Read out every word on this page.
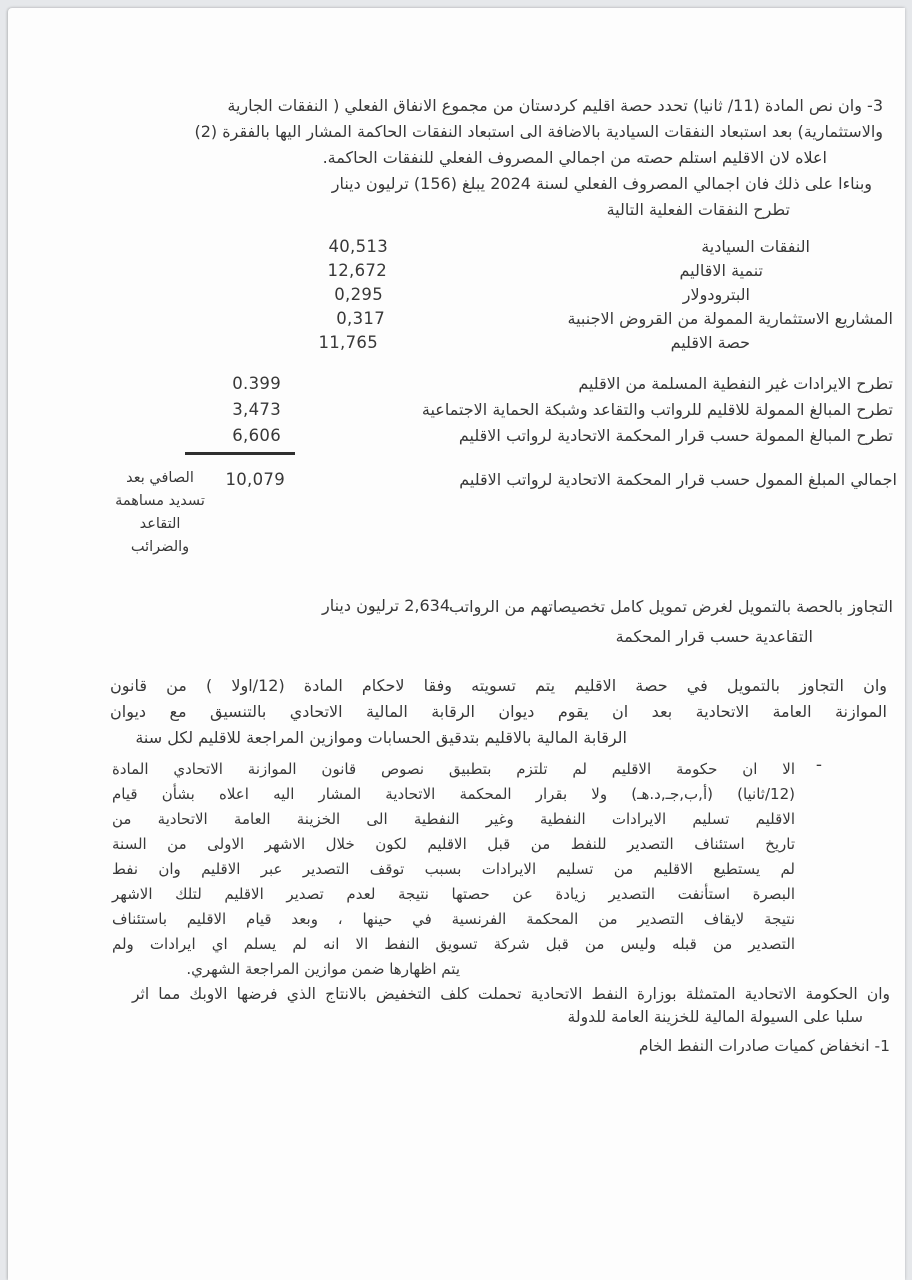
3- وان نص المادة (11/ ثانيا) تحدد حصة اقليم كردستان من مجموع الانفاق الفعلي ( النفقات الجارية
والاستثمارية) بعد استبعاد النفقات السيادية بالاضافة الى استبعاد النفقات الحاكمة المشار اليها بالفقرة (2)
اعلاه لان الاقليم استلم حصته من اجمالي المصروف الفعلي للنفقات الحاكمة.
وبناءا على ذلك فان اجمالي المصروف الفعلي لسنة 2024 يبلغ (156) ترليون دينار
تطرح النفقات الفعلية التالية
النفقات السيادية
40,513
تنمية الاقاليم
12,672
البترودولار
0,295
المشاريع الاستثمارية الممولة من القروض الاجنبية
0,317
حصة الاقليم
11,765
تطرح الايرادات غير النفطية المسلمة من الاقليم
0.399
تطرح المبالغ الممولة للاقليم للرواتب والتقاعد وشبكة الحماية الاجتماعية
3,473
تطرح المبالغ الممولة حسب قرار المحكمة الاتحادية لرواتب الاقليم
6,606
اجمالي المبلغ الممول حسب قرار المحكمة الاتحادية لرواتب الاقليم
10,079
الصافي بعد
تسديد مساهمة
التقاعد
والضرائب
التجاوز بالحصة بالتمويل لغرض تمويل كامل تخصيصاتهم من الرواتب
التقاعدية حسب قرار المحكمة
2,634 ترليون دينار
وان التجاوز بالتمويل في حصة الاقليم يتم تسويته وفقا لاحكام المادة (12/اولا ) من قانون
الموازنة العامة الاتحادية بعد ان يقوم ديوان الرقابة المالية الاتحادي بالتنسيق مع ديوان
الرقابة المالية بالاقليم بتدقيق الحسابات وموازين المراجعة للاقليم لكل سنة
-
الا ان حكومة الاقليم لم تلتزم بتطبيق نصوص قانون الموازنة الاتحادي المادة
(12/ثانيا) (أ,ب,جـ,د.هـ) ولا بقرار المحكمة الاتحادية المشار اليه اعلاه بشأن قيام
الاقليم تسليم الايرادات النفطية وغير النفطية الى الخزينة العامة الاتحادية من
تاريخ استئناف التصدير للنفط من قبل الاقليم لكون خلال الاشهر الاولى من السنة
لم يستطيع الاقليم من تسليم الايرادات بسبب توقف التصدير عبر الاقليم وان نفط
البصرة استأنفت التصدير زيادة عن حصتها نتيجة لعدم تصدير الاقليم لتلك الاشهر
نتيجة لايقاف التصدير من المحكمة الفرنسية في حينها ، وبعد قيام الاقليم باستئناف
التصدير من قبله وليس من قبل شركة تسويق النفط الا انه لم يسلم اي ايرادات ولم
يتم اظهارها ضمن موازين المراجعة الشهري.
وان الحكومة الاتحادية المتمثلة بوزارة النفط الاتحادية تحملت كلف التخفيض بالانتاج الذي فرضها الاوبك مما اثر
سلبا على السيولة المالية للخزينة العامة للدولة
1- انخفاض كميات صادرات النفط الخام
